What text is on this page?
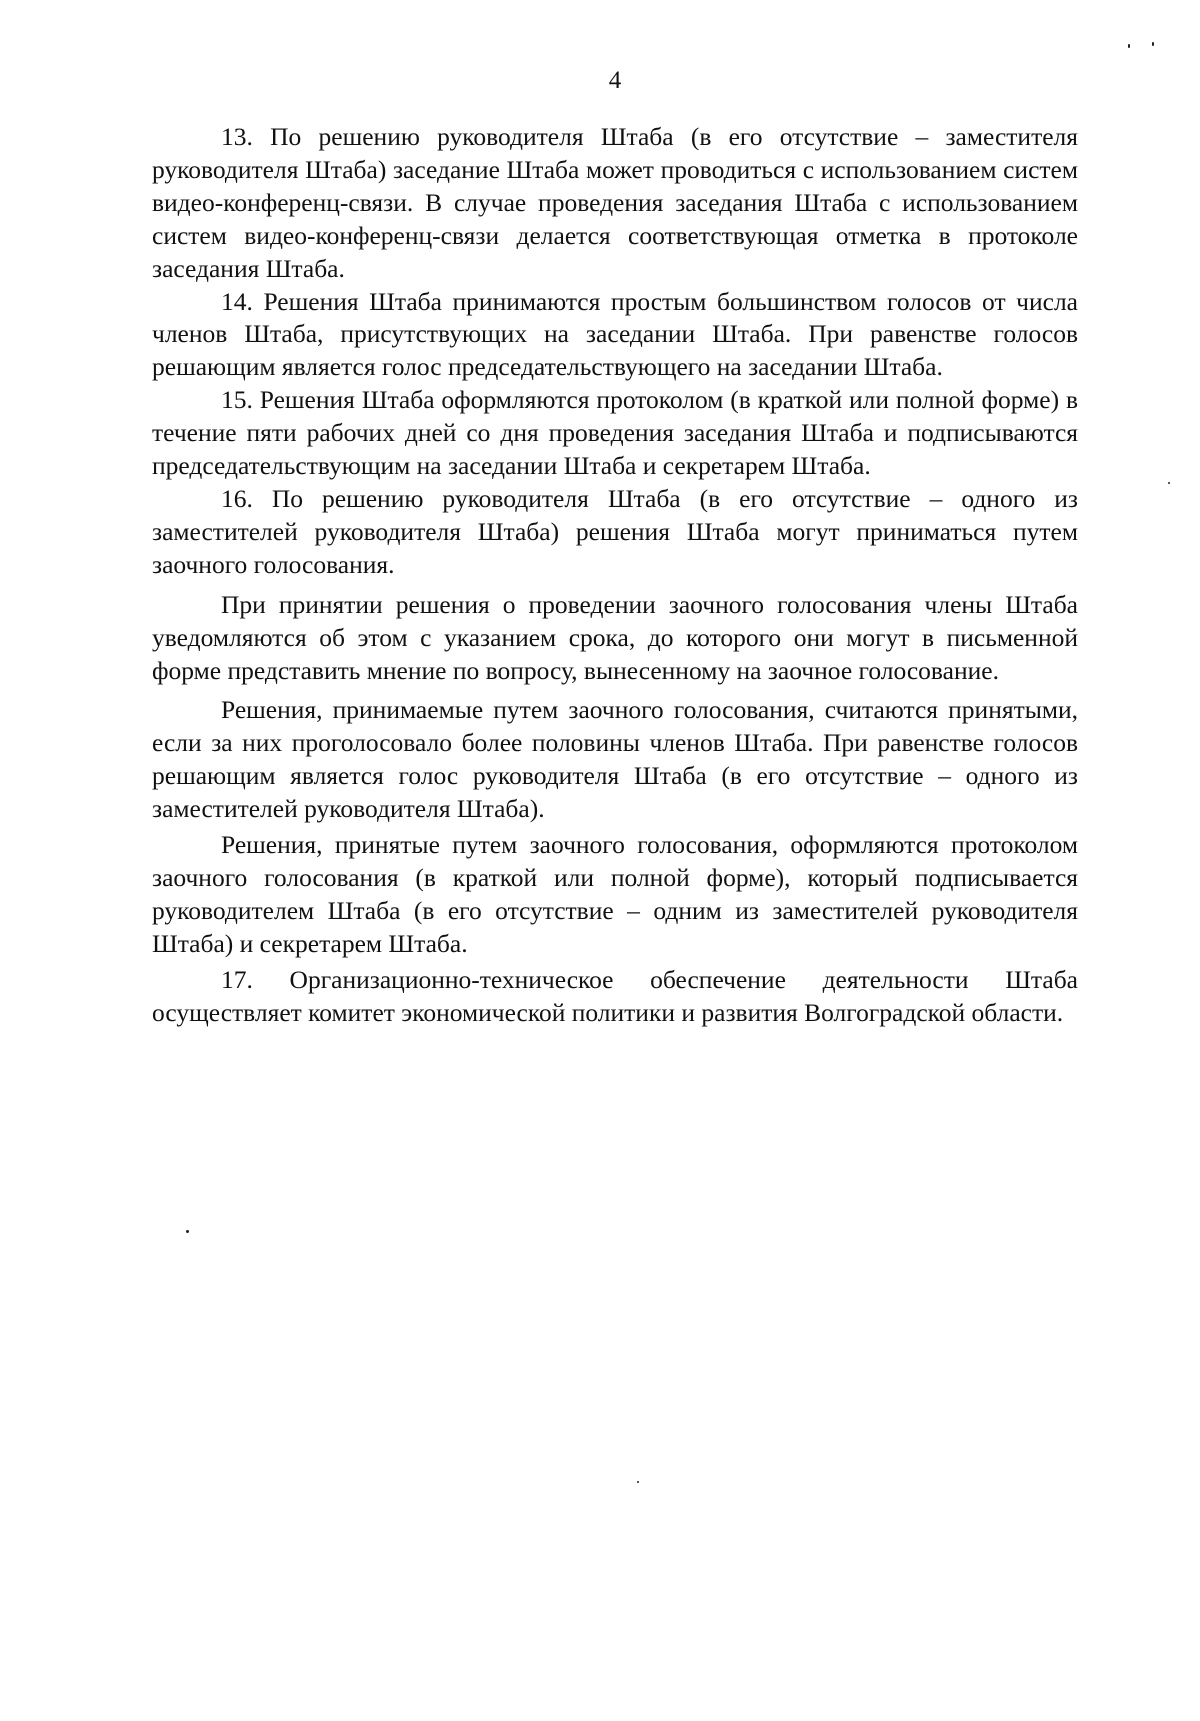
4

13. По решению руководителя Штаба (в его отсутствие – заместителя руководителя Штаба) заседание Штаба может проводиться с использованием систем видео-конференц-связи. В случае проведения заседания Штаба с использованием систем видео-конференц-связи делается соответствующая отметка в протоколе заседания Штаба.

14. Решения Штаба принимаются простым большинством голосов от числа членов Штаба, присутствующих на заседании Штаба. При равенстве голосов решающим является голос председательствующего на заседании Штаба.

15. Решения Штаба оформляются протоколом (в краткой или полной форме) в течение пяти рабочих дней со дня проведения заседания Штаба и подписываются председательствующим на заседании Штаба и секретарем Штаба.

16. По решению руководителя Штаба (в его отсутствие – одного из заместителей руководителя Штаба) решения Штаба могут приниматься путем заочного голосования.

При принятии решения о проведении заочного голосования члены Штаба уведомляются об этом с указанием срока, до которого они могут в письменной форме представить мнение по вопросу, вынесенному на заочное голосование.

Решения, принимаемые путем заочного голосования, считаются принятыми, если за них проголосовало более половины членов Штаба. При равенстве голосов решающим является голос руководителя Штаба (в его отсутствие – одного из заместителей руководителя Штаба).

Решения, принятые путем заочного голосования, оформляются протоколом заочного голосования (в краткой или полной форме), который подписывается руководителем Штаба (в его отсутствие – одним из заместителей руководителя Штаба) и секретарем Штаба.

17. Организационно-техническое обеспечение деятельности Штаба осуществляет комитет экономической политики и развития Волгоградской области.
